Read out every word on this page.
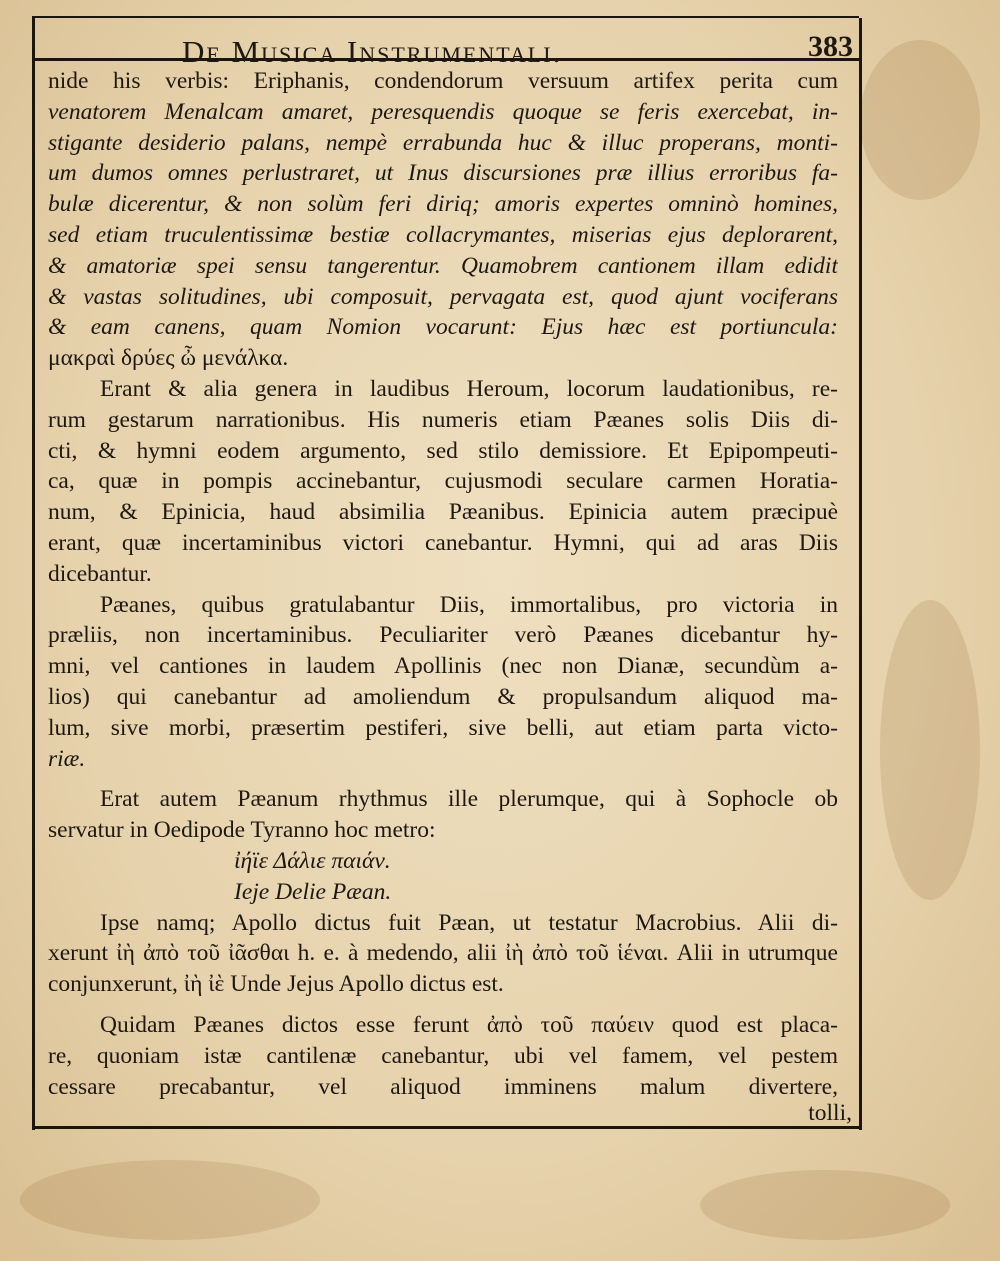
De Musica Instrumentali.	383
nide his verbis: Eriphanis, condendorum versuum artifex perita cum
venatorem Menalcam amaret, peresquendis quoque se feris exercebat, in-
stigante desiderio palans, nempè errabunda huc & illuc properans, monti-
um dumos omnes perlustraret, ut Inus discursiones præ illius erroribus fa-
bulæ dicerentur, & non solùm feri diriq; amoris expertes omninò homines,
sed etiam truculentissimæ bestiæ collacrymantes, miserias ejus deplorarent,
& amatoriæ spei sensu tangerentur. Quamobrem cantionem illam edidit
& vastas solitudines, ubi composuit, pervagata est, quod ajunt vociferans
& eam canens, quam Nomion vocarunt: Ejus hæc est portiuncula:
μακραὶ δρύες ὦ μενάλκα.
Erant & alia genera in laudibus Heroum, locorum laudationibus, re-
rum gestarum narrationibus. His numeris etiam Pæanes solis Diis di-
cti, & hymni eodem argumento, sed stilo demissiore. Et Epipompeuti-
ca, quæ in pompis accinebantur, cujusmodi seculare carmen Horatia-
num, & Epinicia, haud absimilia Pæanibus. Epinicia autem præcipuè
erant, quæ incertaminibus victori canebantur. Hymni, qui ad aras Diis
dicebantur.
Pæanes, quibus gratulabantur Diis, immortalibus, pro victoria in
præliis, non incertaminibus. Peculiariter verò Pæanes dicebantur hy-
mni, vel cantiones in laudem Apollinis (nec non Dianæ, secundùm a-
lios) qui canebantur ad amoliendum & propulsandum aliquod ma-
lum, sive morbi, præsertim pestiferi, sive belli, aut etiam parta victo-
riæ.
Erat autem Pæanum rhythmus ille plerumque, qui à Sophocle ob
servatur in Oedipode Tyranno hoc metro:
ἰήϊε Δάλιε παιάν.
Ieje Delie Pæan.
Ipse namq; Apollo dictus fuit Pæan, ut testatur Macrobius. Alii di-
xerunt ἰὴ ἀπὸ τοῦ ἰᾶσθαι h. e. à medendo, alii ἰὴ ἀπὸ τοῦ ἱέναι. Alii in utrumque
conjunxerunt, ἰὴ ἰὲ Unde Jejus Apollo dictus est.
Quidam Pæanes dictos esse ferunt ἀπὸ τοῦ παύειν quod est placa-
re, quoniam istæ cantilenæ canebantur, ubi vel famem, vel pestem
cessare precabantur, vel aliquod imminens malum divertere,
tolli,
